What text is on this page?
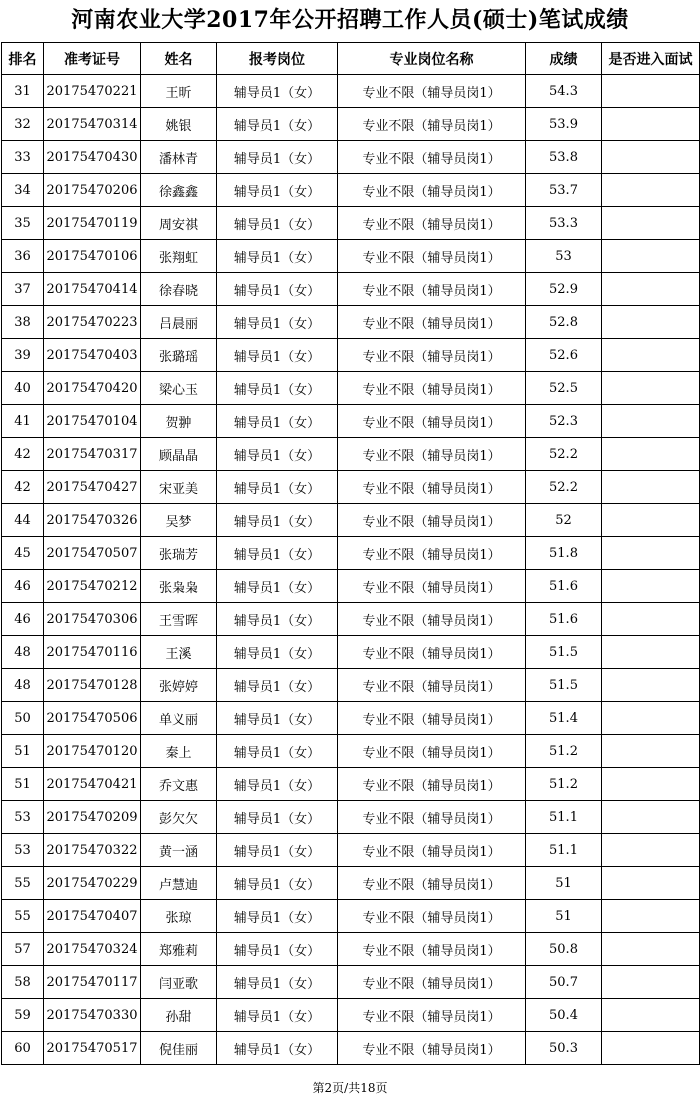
河南农业大学2017年公开招聘工作人员(硕士)笔试成绩
排名	准考证号	姓名	报考岗位	专业岗位名称	成绩	是否进入面试
31	20175470221	王昕	辅导员1（女）	专业不限（辅导员岗1）	54.3	
32	20175470314	姚银	辅导员1（女）	专业不限（辅导员岗1）	53.9	
33	20175470430	潘林青	辅导员1（女）	专业不限（辅导员岗1）	53.8	
34	20175470206	徐鑫鑫	辅导员1（女）	专业不限（辅导员岗1）	53.7	
35	20175470119	周安祺	辅导员1（女）	专业不限（辅导员岗1）	53.3	
36	20175470106	张翔虹	辅导员1（女）	专业不限（辅导员岗1）	53	
37	20175470414	徐春晓	辅导员1（女）	专业不限（辅导员岗1）	52.9	
38	20175470223	吕晨丽	辅导员1（女）	专业不限（辅导员岗1）	52.8	
39	20175470403	张璐瑶	辅导员1（女）	专业不限（辅导员岗1）	52.6	
40	20175470420	梁心玉	辅导员1（女）	专业不限（辅导员岗1）	52.5	
41	20175470104	贺翀	辅导员1（女）	专业不限（辅导员岗1）	52.3	
42	20175470317	顾晶晶	辅导员1（女）	专业不限（辅导员岗1）	52.2	
42	20175470427	宋亚美	辅导员1（女）	专业不限（辅导员岗1）	52.2	
44	20175470326	吴梦	辅导员1（女）	专业不限（辅导员岗1）	52	
45	20175470507	张瑞芳	辅导员1（女）	专业不限（辅导员岗1）	51.8	
46	20175470212	张枭枭	辅导员1（女）	专业不限（辅导员岗1）	51.6	
46	20175470306	王雪晖	辅导员1（女）	专业不限（辅导员岗1）	51.6	
48	20175470116	王溪	辅导员1（女）	专业不限（辅导员岗1）	51.5	
48	20175470128	张婷婷	辅导员1（女）	专业不限（辅导员岗1）	51.5	
50	20175470506	单义丽	辅导员1（女）	专业不限（辅导员岗1）	51.4	
51	20175470120	秦上	辅导员1（女）	专业不限（辅导员岗1）	51.2	
51	20175470421	乔文惠	辅导员1（女）	专业不限（辅导员岗1）	51.2	
53	20175470209	彭欠欠	辅导员1（女）	专业不限（辅导员岗1）	51.1	
53	20175470322	黄一涵	辅导员1（女）	专业不限（辅导员岗1）	51.1	
55	20175470229	卢慧迪	辅导员1（女）	专业不限（辅导员岗1）	51	
55	20175470407	张琼	辅导员1（女）	专业不限（辅导员岗1）	51	
57	20175470324	郑雅莉	辅导员1（女）	专业不限（辅导员岗1）	50.8	
58	20175470117	闫亚歌	辅导员1（女）	专业不限（辅导员岗1）	50.7	
59	20175470330	孙甜	辅导员1（女）	专业不限（辅导员岗1）	50.4	
60	20175470517	倪佳丽	辅导员1（女）	专业不限（辅导员岗1）	50.3	
第2页/共18页
